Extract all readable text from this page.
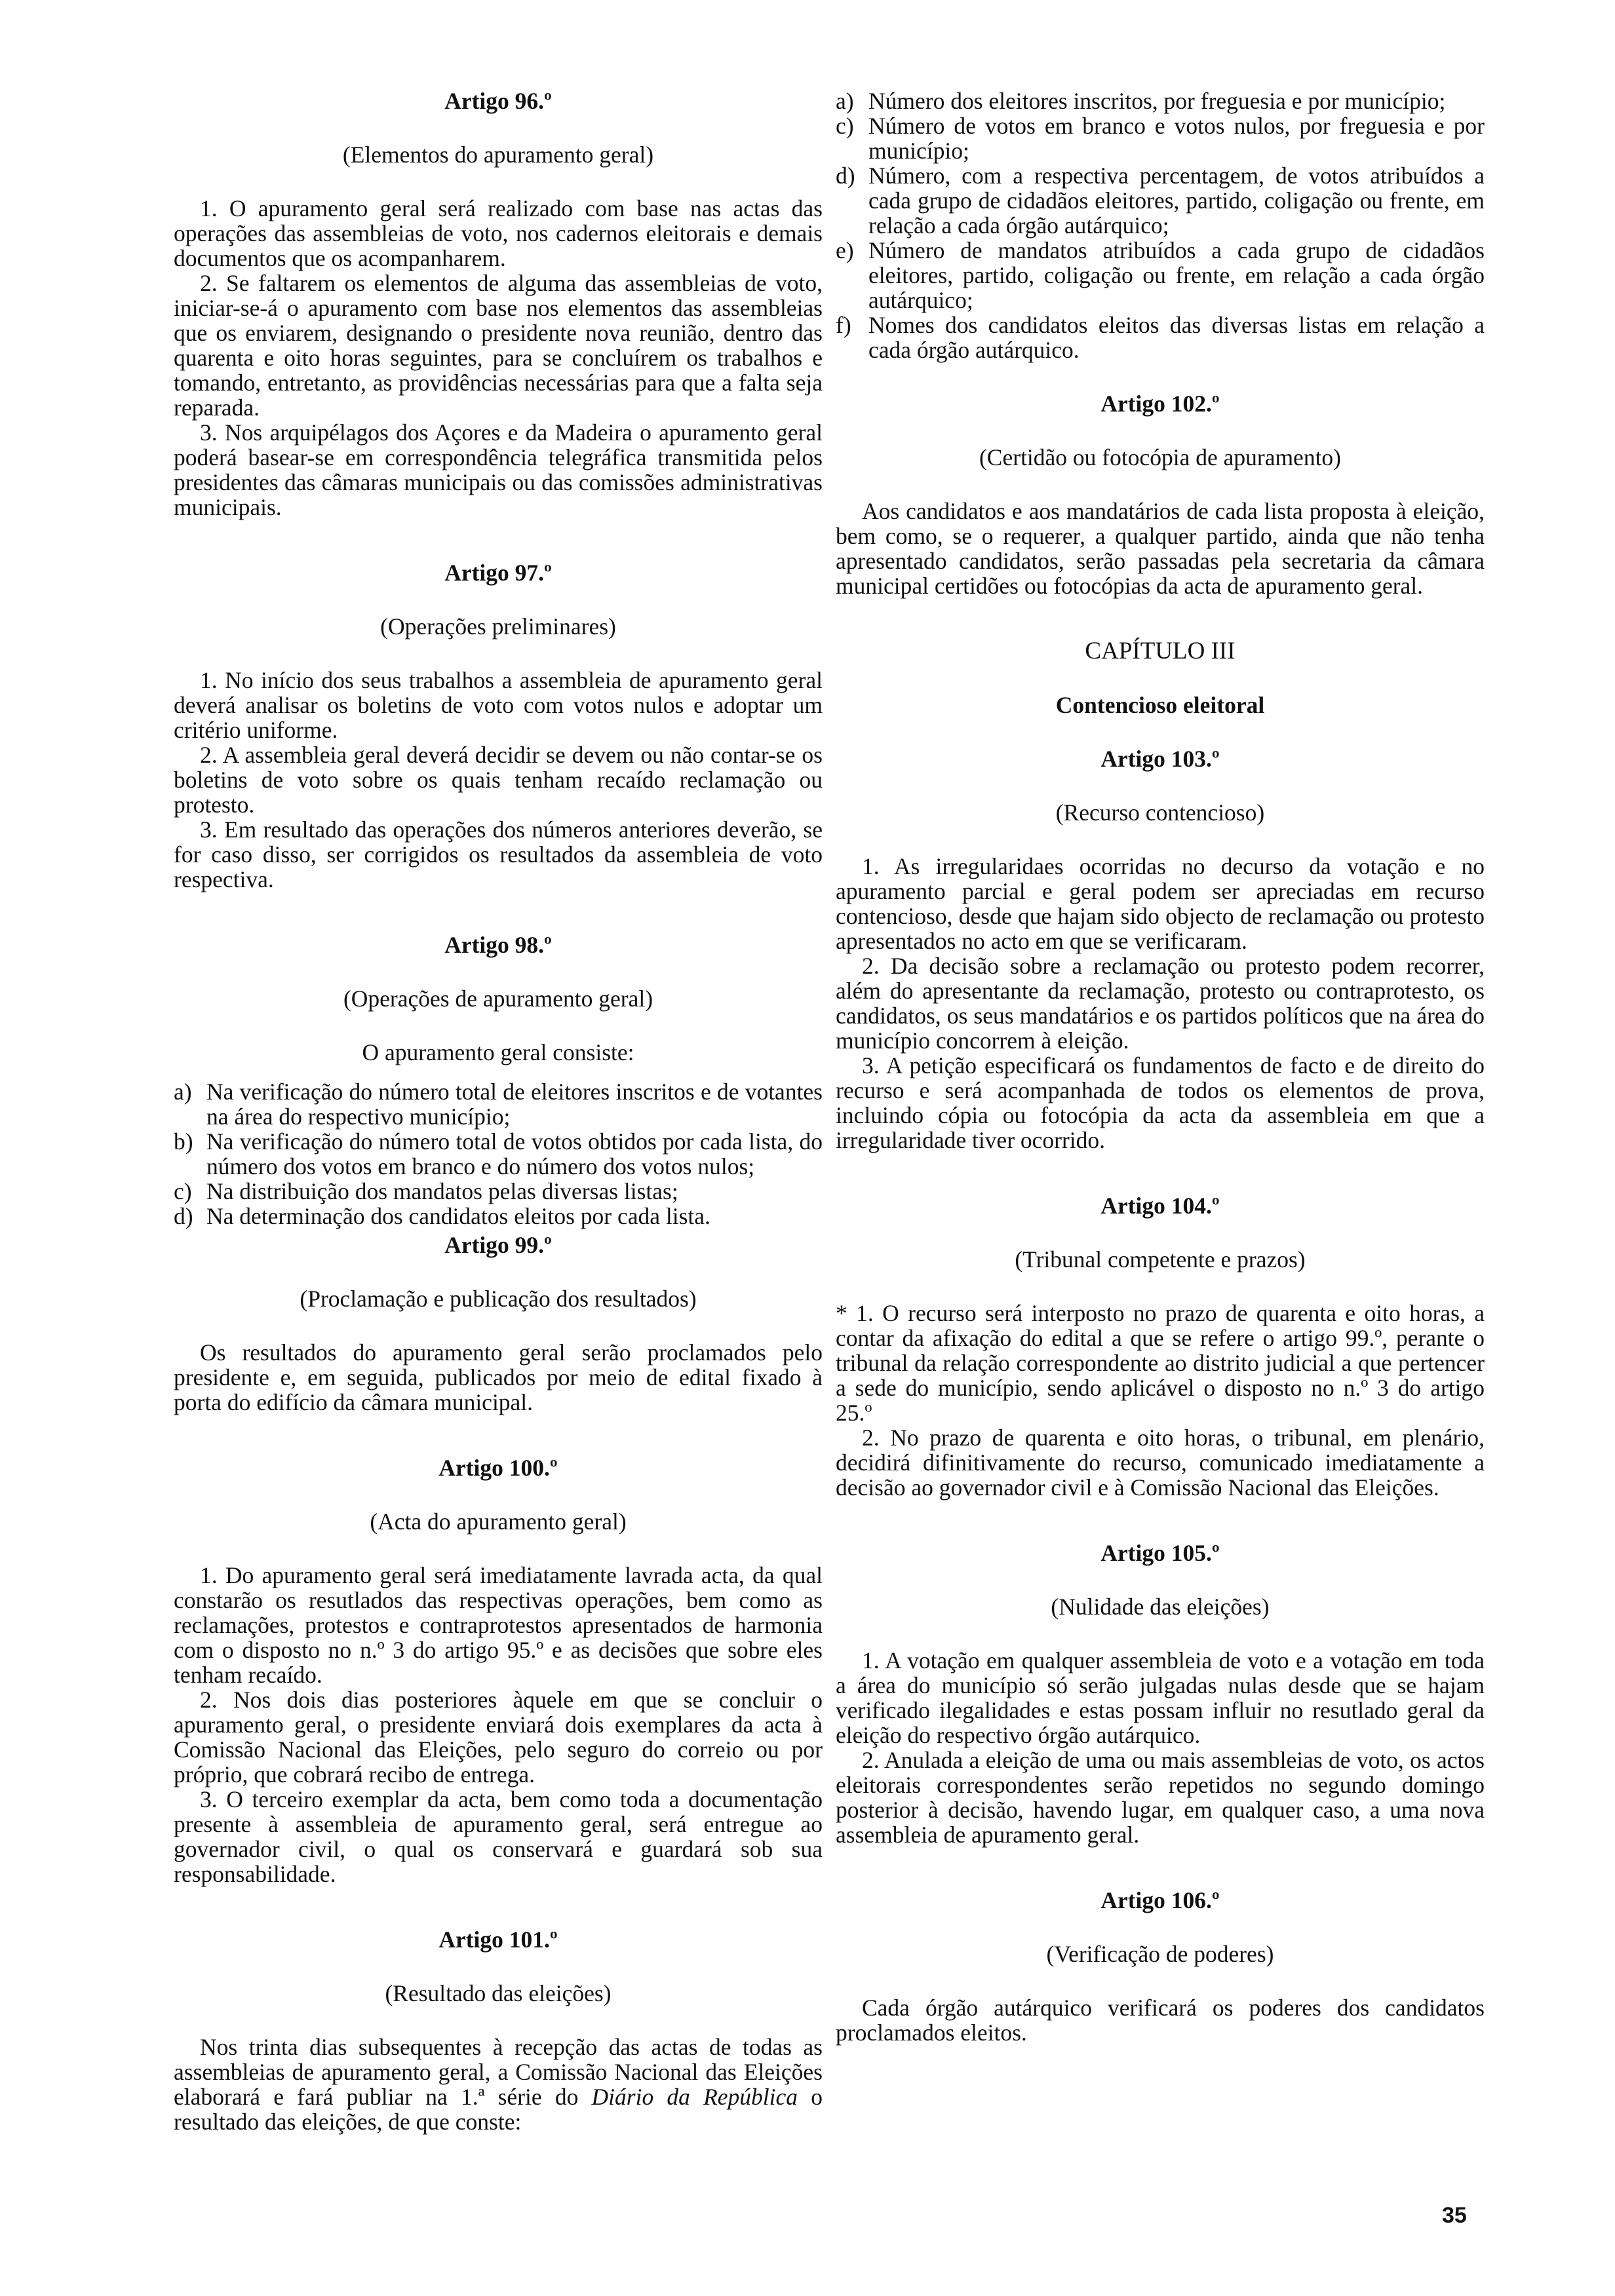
Artigo 96.º
(Elementos do apuramento geral)

1. O apuramento geral será realizado com base nas actas das operações das assembleias de voto, nos cadernos eleitorais e demais documentos que os acompanharem.

2. Se faltarem os elementos de alguma das assembleias de voto, iniciar-se-á o apuramento com base nos elementos das assembleias que os enviarem, designando o presidente nova reunião, dentro das quarenta e oito horas seguintes, para se concluírem os trabalhos e tomando, entretanto, as providências necessárias para que a falta seja reparada.

3. Nos arquipélagos dos Açores e da Madeira o apuramento geral poderá basear-se em correspondência telegráfica transmitida pelos presidentes das câmaras municipais ou das comissões administrativas municipais.

Artigo 97.º
(Operações preliminares)

1. No início dos seus trabalhos a assembleia de apuramento geral deverá analisar os boletins de voto com votos nulos e adoptar um critério uniforme.

2. A assembleia geral deverá decidir se devem ou não contar-se os boletins de voto sobre os quais tenham recaído reclamação ou protesto.

3. Em resultado das operações dos números anteriores deverão, se for caso disso, ser corrigidos os resultados da assembleia de voto respectiva.

Artigo 98.º
(Operações de apuramento geral)

O apuramento geral consiste:

a) Na verificação do número total de eleitores inscritos e de votantes na área do respectivo município;
b) Na verificação do número total de votos obtidos por cada lista, do número dos votos em branco e do número dos votos nulos;
c) Na distribuição dos mandatos pelas diversas listas;
d) Na determinação dos candidatos eleitos por cada lista.
Artigo 99.º
(Proclamação e publicação dos resultados)

Os resultados do apuramento geral serão proclamados pelo presidente e, em seguida, publicados por meio de edital fixado à porta do edifício da câmara municipal.

Artigo 100.º
(Acta do apuramento geral)

1. Do apuramento geral será imediatamente lavrada acta, da qual constarão os resutlados das respectivas operações, bem como as reclamações, protestos e contraprotestos apresentados de harmonia com o disposto no n.º 3 do artigo 95.º e as decisões que sobre eles tenham recaído.

2. Nos dois dias posteriores àquele em que se concluir o apuramento geral, o presidente enviará dois exemplares da acta à Comissão Nacional das Eleições, pelo seguro do correio ou por próprio, que cobrará recibo de entrega.

3. O terceiro exemplar da acta, bem como toda a documentação presente à assembleia de apuramento geral, será entregue ao governador civil, o qual os conservará e guardará sob sua responsabilidade.

Artigo 101.º
(Resultado das eleições)

Nos trinta dias subsequentes à recepção das actas de todas as assembleias de apuramento geral, a Comissão Nacional das Eleições elaborará e fará publiar na 1.ª série do Diário da República o resultado das eleições, de que conste:

a) Número dos eleitores inscritos, por freguesia e por município;
c) Número de votos em branco e votos nulos, por freguesia e por município;
d) Número, com a respectiva percentagem, de votos atribuídos a cada grupo de cidadãos eleitores, partido, coligação ou frente, em relação a cada órgão autárquico;
e) Número de mandatos atribuídos a cada grupo de cidadãos eleitores, partido, coligação ou frente, em relação a cada órgão autárquico;
f) Nomes dos candidatos eleitos das diversas listas em relação a cada órgão autárquico.
Artigo 102.º
(Certidão ou fotocópia de apuramento)

Aos candidatos e aos mandatários de cada lista proposta à eleição, bem como, se o requerer, a qualquer partido, ainda que não tenha apresentado candidatos, serão passadas pela secretaria da câmara municipal certidões ou fotocópias da acta de apuramento geral.

CAPÍTULO III
Contencioso eleitoral
Artigo 103.º
(Recurso contencioso)

1. As irregularidaes ocorridas no decurso da votação e no apuramento parcial e geral podem ser apreciadas em recurso contencioso, desde que hajam sido objecto de reclamação ou protesto apresentados no acto em que se verificaram.

2. Da decisão sobre a reclamação ou protesto podem recorrer, além do apresentante da reclamação, protesto ou contraprotesto, os candidatos, os seus mandatários e os partidos políticos que na área do município concorrem à eleição.

3. A petição especificará os fundamentos de facto e de direito do recurso e será acompanhada de todos os elementos de prova, incluindo cópia ou fotocópia da acta da assembleia em que a irregularidade tiver ocorrido.

Artigo 104.º
(Tribunal competente e prazos)

* 1. O recurso será interposto no prazo de quarenta e oito horas, a contar da afixação do edital a que se refere o artigo 99.º, perante o tribunal da relação correspondente ao distrito judicial a que pertencer a sede do município, sendo aplicável o disposto no n.º 3 do artigo 25.º

2. No prazo de quarenta e oito horas, o tribunal, em plenário, decidirá difinitivamente do recurso, comunicado imediatamente a decisão ao governador civil e à Comissão Nacional das Eleições.

Artigo 105.º
(Nulidade das eleições)

1. A votação em qualquer assembleia de voto e a votação em toda a área do município só serão julgadas nulas desde que se hajam verificado ilegalidades e estas possam influir no resutlado geral da eleição do respectivo órgão autárquico.

2. Anulada a eleição de uma ou mais assembleias de voto, os actos eleitorais correspondentes serão repetidos no segundo domingo posterior à decisão, havendo lugar, em qualquer caso, a uma nova assembleia de apuramento geral.

Artigo 106.º
(Verificação de poderes)

Cada órgão autárquico verificará os poderes dos candidatos proclamados eleitos.

35
